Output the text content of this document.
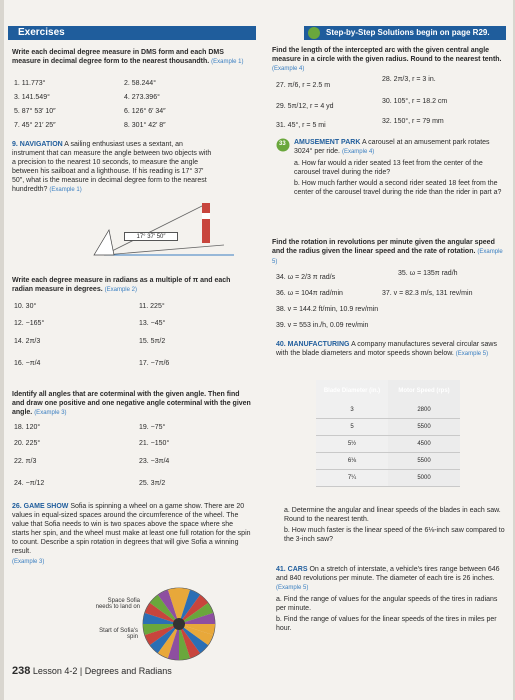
Exercises	Step-by-Step Solutions begin on page R29.

Write each decimal degree measure in DMS form and each DMS measure in decimal degree form to the nearest thousandth. (Example 1)

1. 11.773°	2. 58.244°
3. 141.549°	4. 273.396°
5. 87° 53′ 10″	6. 126° 6′ 34″
7. 45° 21′ 25″	8. 301° 42′ 8″

9. NAVIGATION A sailing enthusiast uses a sextant, an instrument that can measure the angle between two objects with a precision to the nearest 10 seconds, to measure the angle between his sailboat and a lighthouse. If his reading is 17° 37′ 50″, what is the measure in decimal degree form to the nearest hundredth? (Example 1)

17° 37′ 50″

Write each degree measure in radians as a multiple of π and each radian measure in degrees. (Example 2)

10. 30°	11. 225°
12. −165°	13. −45°
14. 2π/3	15. 5π/2
16. −π/4	17. −7π/6

Identify all angles that are coterminal with the given angle. Then find and draw one positive and one negative angle coterminal with the given angle. (Example 3)

18. 120°	19. −75°
20. 225°	21. −150°
22. π/3	23. −3π/4
24. −π/12	25. 3π/2

26. GAME SHOW Sofia is spinning a wheel on a game show. There are 20 values in equal-sized spaces around the circumference of the wheel. The value that Sofia needs to win is two spaces above the space where she starts her spin, and the wheel must make at least one full rotation for the spin to count. Describe a spin rotation in degrees that will give Sofia a winning result.

(Example 3)

Space Sofia needs to land on
Start of Sofia's spin

Find the length of the intercepted arc with the given central angle measure in a circle with the given radius. Round to the nearest tenth. (Example 4)

27. π/6, r = 2.5 m
28. 2π/3, r = 3 in.
29. 5π/12, r = 4 yd
30. 105°, r = 18.2 cm
31. 45°, r = 5 mi
32. 150°, r = 79 mm
33 AMUSEMENT PARK A carousel at an amusement park rotates 3024° per ride. (Example 4)

a. How far would a rider seated 13 feet from the center of the carousel travel during the ride?

b. How much farther would a second rider seated 18 feet from the center of the carousel travel during the ride than the rider in part a?

Find the rotation in revolutions per minute given the angular speed and the radius given the linear speed and the rate of rotation. (Example 5)

34. ω = 2/3 π rad/s
35. ω = 135π rad/h
36. ω = 104π rad/min	37. v = 82.3 m/s, 131 rev/min
38. v = 144.2 ft/min, 10.9 rev/min
39. v = 553 in./h, 0.09 rev/min

40. MANUFACTURING A company manufactures several circular saws with the blade diameters and motor speeds shown below. (Example 5)

Blade Diameter (in.)	Motor Speed (rps)
3	2800
5	5500
5½	4500
6⅛	5500
7¼	5000

a. Determine the angular and linear speeds of the blades in each saw. Round to the nearest tenth.

b. How much faster is the linear speed of the 6⅛-inch saw compared to the 3-inch saw?

41. CARS On a stretch of interstate, a vehicle's tires range between 646 and 840 revolutions per minute. The diameter of each tire is 26 inches. (Example 5)

a. Find the range of values for the angular speeds of the tires in radians per minute.

b. Find the range of values for the linear speeds of the tires in miles per hour.

238 Lesson 4-2 | Degrees and Radians
